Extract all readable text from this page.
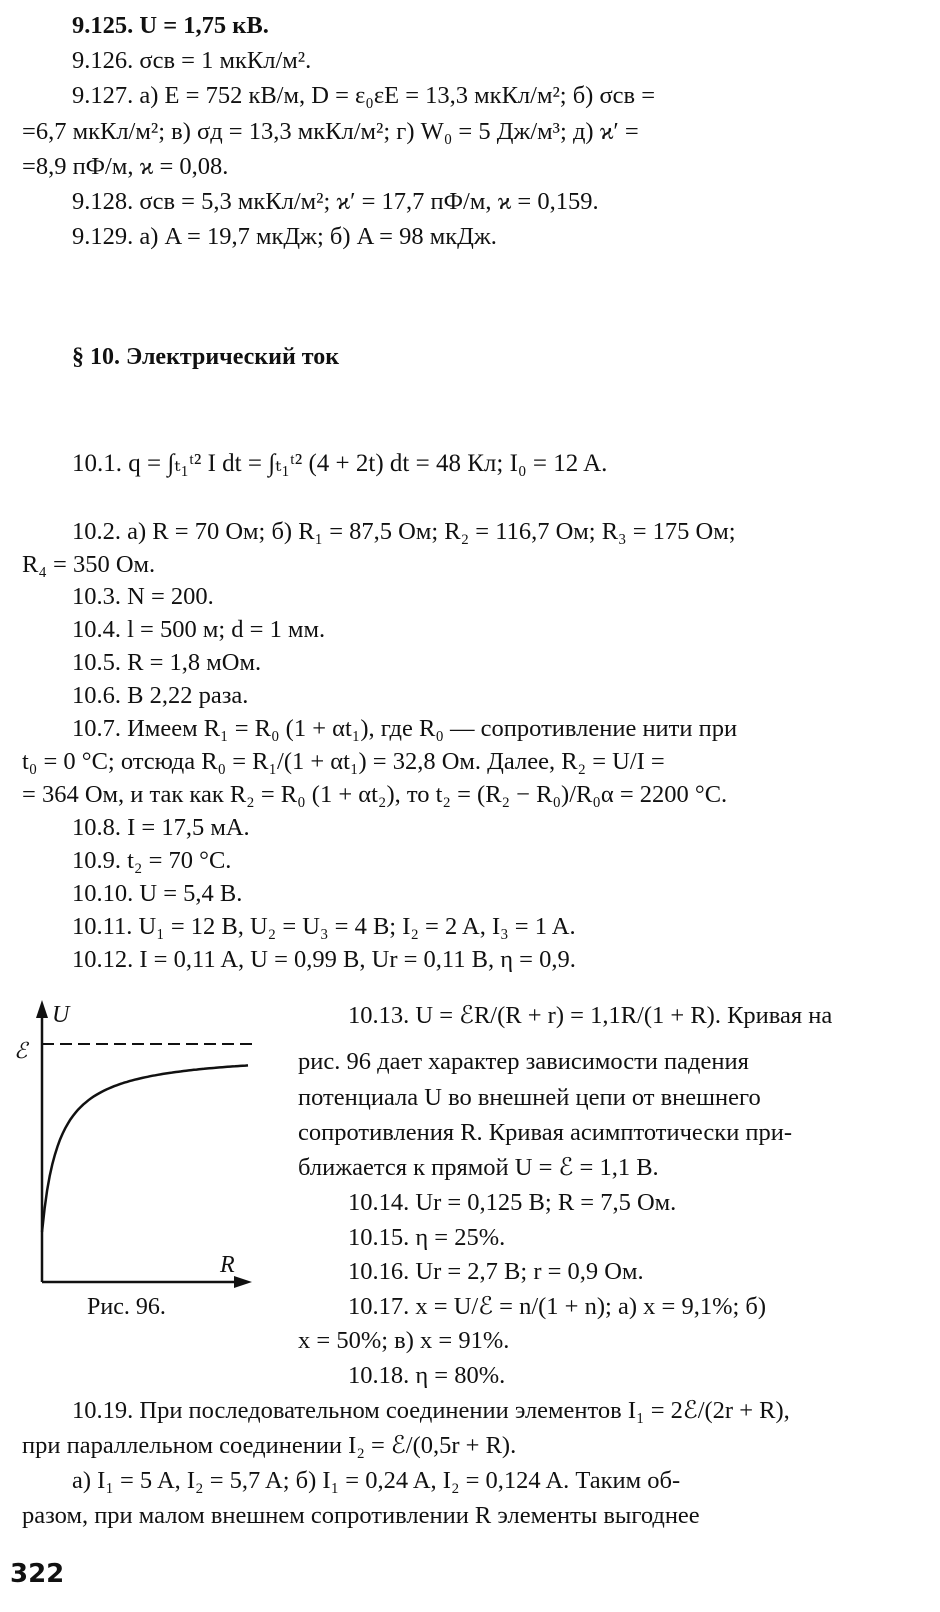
9.125. U = 1,75 кВ.
9.126. σсв = 1 мкКл/м².
9.127. а) E = 752 кВ/м, D = ε₀εE = 13,3 мкКл/м²; б) σсв =
=6,7 мкКл/м²; в) σд = 13,3 мкКл/м²; г) W₀ = 5 Дж/м³; д) ϰ′ =
=8,9 пФ/м, ϰ = 0,08.
9.128. σсв = 5,3 мкКл/м²; ϰ′ = 17,7 пФ/м, ϰ = 0,159.
9.129. а) A = 19,7 мкДж; б) A = 98 мкДж.
§ 10. Электрический ток
10.1. q = ∫ₜ₁ᵗ² I dt = ∫ₜ₁ᵗ² (4 + 2t) dt = 48 Кл; I₀ = 12 A.
10.2. а) R = 70 Ом; б) R₁ = 87,5 Ом; R₂ = 116,7 Ом; R₃ = 175 Ом;
R₄ = 350 Ом.
10.3. N = 200.
10.4. l = 500 м; d = 1 мм.
10.5. R = 1,8 мОм.
10.6. В 2,22 раза.
10.7. Имеем R₁ = R₀ (1 + αt₁), где R₀ — сопротивление нити при
t₀ = 0 °C; отсюда R₀ = R₁/(1 + αt₁) = 32,8 Ом. Далее, R₂ = U/I =
= 364 Ом, и так как R₂ = R₀ (1 + αt₂), то t₂ = (R₂ − R₀)/R₀α = 2200 °C.
10.8. I = 17,5 мA.
10.9. t₂ = 70 °C.
10.10. U = 5,4 В.
10.11. U₁ = 12 В, U₂ = U₃ = 4 В; I₂ = 2 A, I₃ = 1 A.
10.12. I = 0,11 A, U = 0,99 В, Ur = 0,11 В, η = 0,9.
10.13. U = ℰR/(R + r) = 1,1R/(1 + R). Кривая на
рис. 96 дает характер зависимости падения
потенциала U во внешней цепи от внешнего
сопротивления R. Кривая асимптотически при-
ближается к прямой U = ℰ = 1,1 В.
10.14. Ur = 0,125 В; R = 7,5 Ом.
10.15. η = 25%.
10.16. Ur = 2,7 В; r = 0,9 Ом.
10.17. x = U/ℰ = n/(1 + n); а) x = 9,1%; б)
x = 50%; в) x = 91%.
10.18. η = 80%.
10.19. При последовательном соединении элементов I₁ = 2ℰ/(2r + R),
при параллельном соединении I₂ = ℰ/(0,5r + R).
а) I₁ = 5 A, I₂ = 5,7 A; б) I₁ = 0,24 A, I₂ = 0,124 A. Таким об-
разом, при малом внешнем сопротивлении R элементы выгоднее
322
U
ℰ
R
Рис. 96.
